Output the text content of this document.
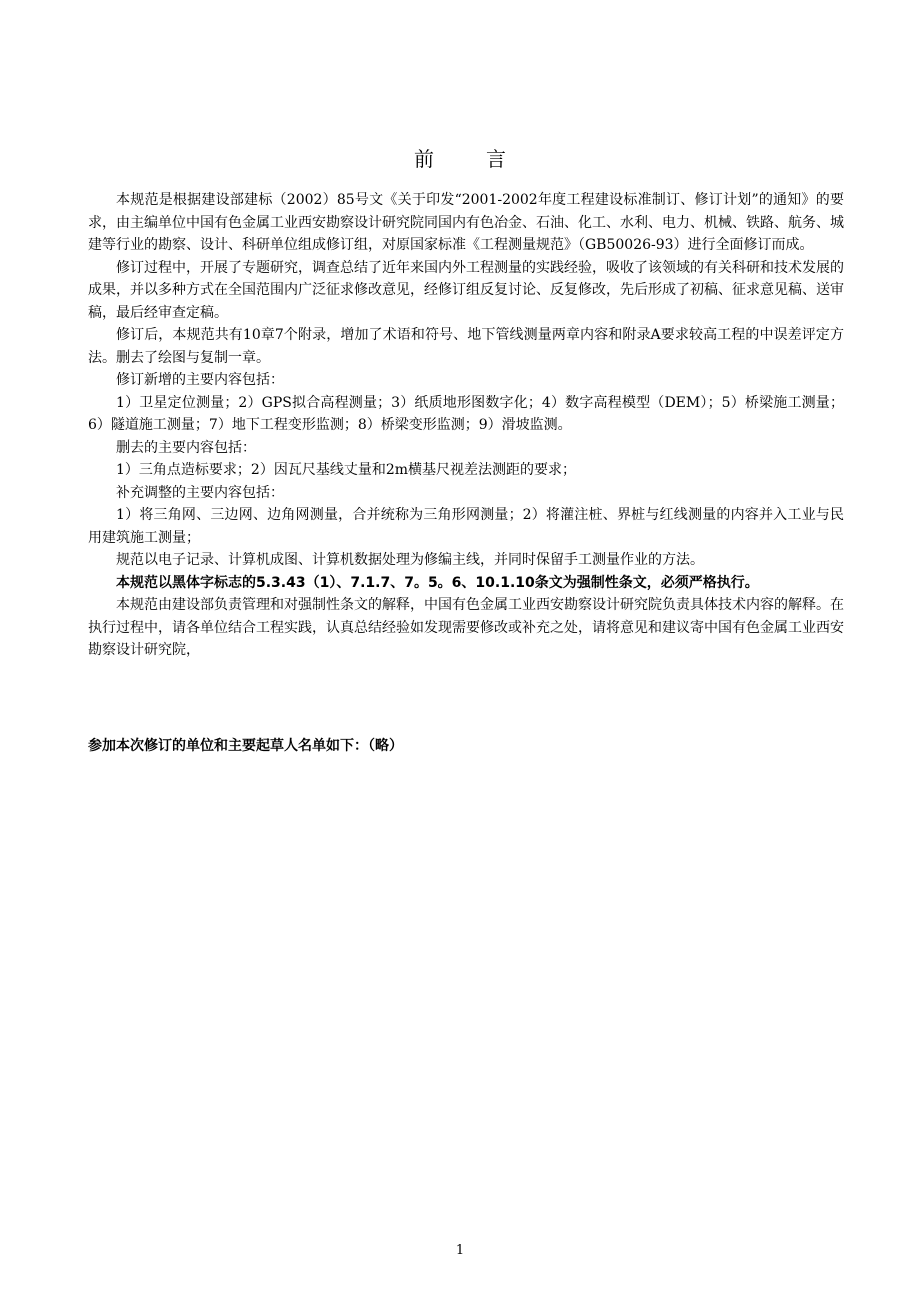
前　言

本规范是根据建设部建标（2002）85号文《关于印发“2001-2002年度工程建设标准制订、修订计划”的通知》的要求，由主编单位中国有色金属工业西安勘察设计研究院同国内有色冶金、石油、化工、水利、电力、机械、铁路、航务、城建等行业的勘察、设计、科研单位组成修订组，对原国家标准《工程测量规范》（GB50026-93）进行全面修订而成。

修订过程中，开展了专题研究，调查总结了近年来国内外工程测量的实践经验，吸收了该领域的有关科研和技术发展的成果，并以多种方式在全国范围内广泛征求修改意见，经修订组反复讨论、反复修改，先后形成了初稿、征求意见稿、送审稿，最后经审查定稿。

修订后，本规范共有10章7个附录，增加了术语和符号、地下管线测量两章内容和附录A要求较高工程的中误差评定方法。删去了绘图与复制一章。

修订新增的主要内容包括：

1）卫星定位测量；2）GPS拟合高程测量；3）纸质地形图数字化；4）数字高程模型（DEM）；5）桥梁施工测量；6）隧道施工测量；7）地下工程变形监测；8）桥梁变形监测；9）滑坡监测。

删去的主要内容包括：

1）三角点造标要求；2）因瓦尺基线丈量和2m横基尺视差法测距的要求；

补充调整的主要内容包括：

1）将三角网、三边网、边角网测量，合并统称为三角形网测量；2）将灌注桩、界桩与红线测量的内容并入工业与民用建筑施工测量；

规范以电子记录、计算机成图、计算机数据处理为修编主线，并同时保留手工测量作业的方法。

本规范以黑体字标志的5.3.43（1）、7.1.7、7。5。6、10.1.10条文为强制性条文，必须严格执行。

本规范由建设部负责管理和对强制性条文的解释，中国有色金属工业西安勘察设计研究院负责具体技术内容的解释。在执行过程中，请各单位结合工程实践，认真总结经验如发现需要修改或补充之处，请将意见和建议寄中国有色金属工业西安勘察设计研究院，

参加本次修订的单位和主要起草人名单如下：（略）
1
